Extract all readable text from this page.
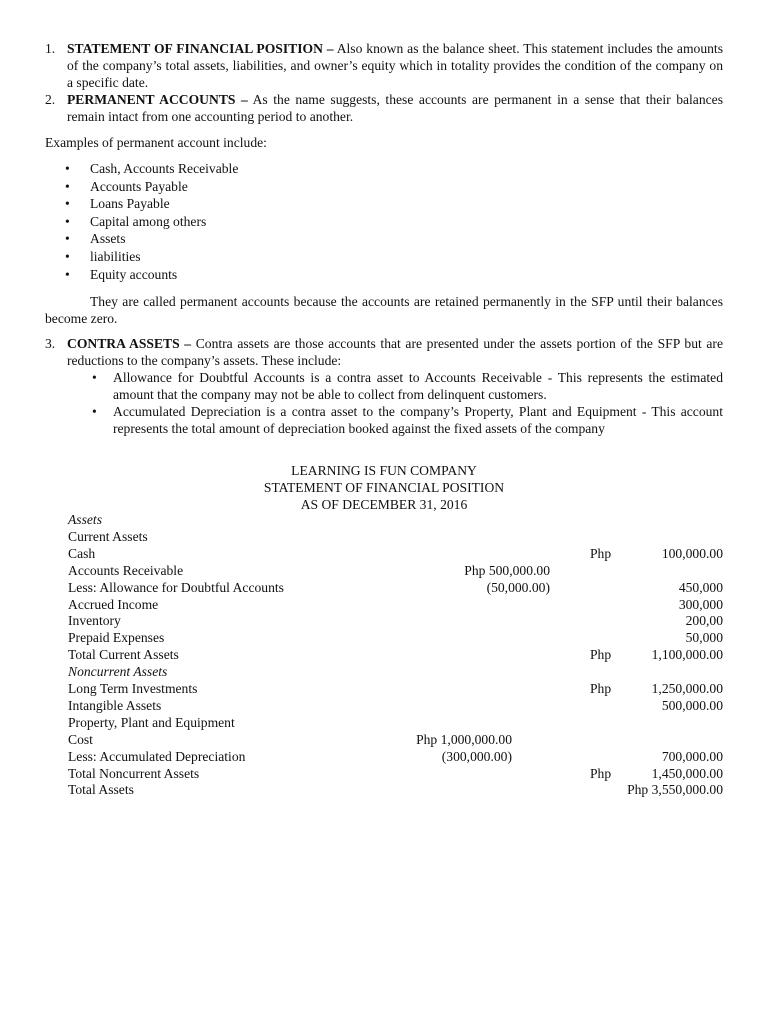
1. STATEMENT OF FINANCIAL POSITION – Also known as the balance sheet. This statement includes the amounts of the company’s total assets, liabilities, and owner’s equity which in totality provides the condition of the company on a specific date.
2. PERMANENT ACCOUNTS – As the name suggests, these accounts are permanent in a sense that their balances remain intact from one accounting period to another.
Examples of permanent account include:
• Cash, Accounts Receivable
• Accounts Payable
• Loans Payable
• Capital among others
• Assets
• liabilities
• Equity accounts
They are called permanent accounts because the accounts are retained permanently in the SFP until their balances become zero.
3. CONTRA ASSETS – Contra assets are those accounts that are presented under the assets portion of the SFP but are reductions to the company’s assets. These include:
• Allowance for Doubtful Accounts is a contra asset to Accounts Receivable - This represents the estimated amount that the company may not be able to collect from delinquent customers.
• Accumulated Depreciation is a contra asset to the company’s Property, Plant and Equipment - This account represents the total amount of depreciation booked against the fixed assets of the company
LEARNING IS FUN COMPANY
STATEMENT OF FINANCIAL POSITION
AS OF DECEMBER 31, 2016
Assets
Current Assets
Cash	Php	100,000.00
Accounts Receivable	Php 500,000.00
Less: Allowance for Doubtful Accounts	(50,000.00)	450,000
Accrued Income	300,000
Inventory	200,00
Prepaid Expenses	50,000
Total Current Assets	Php	1,100,000.00
Noncurrent Assets
Long Term Investments	Php	1,250,000.00
Intangible Assets	500,000.00
Property, Plant and Equipment
Cost	Php 1,000,000.00
Less: Accumulated Depreciation	(300,000.00)	700,000.00
Total Noncurrent Assets	Php	1,450,000.00
Total Assets	Php 3,550,000.00
